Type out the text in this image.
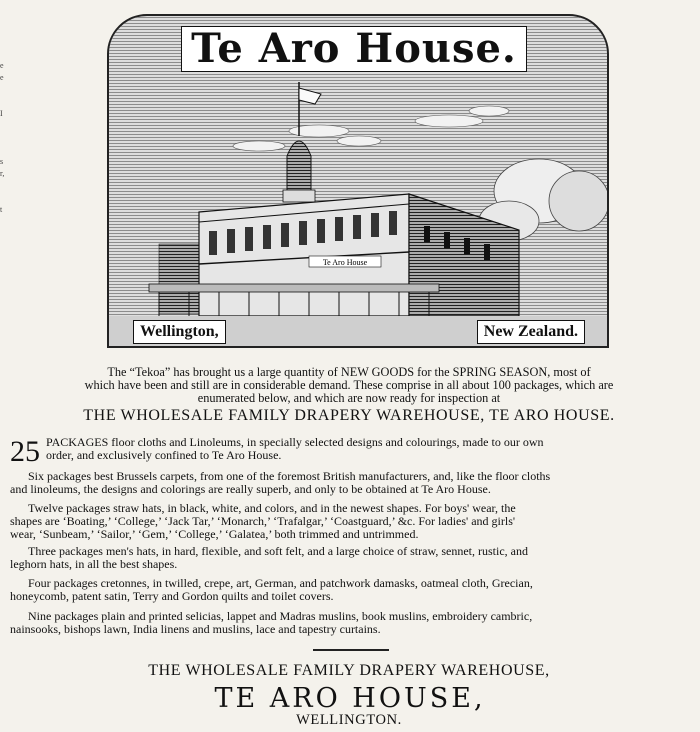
e
e
I
s
r,
t
Te Aro House
Te Aro House.
Wellington,	New Zealand.
The “Tekoa” has brought us a large quantity of NEW GOODS for the SPRING SEASON, most of
which have been and still are in considerable demand. These comprise in all about 100 packages, which are
enumerated below, and which are now ready for inspection at
THE WHOLESALE FAMILY DRAPERY WAREHOUSE, TE ARO HOUSE.
25 PACKAGES floor cloths and Linoleums, in specially selected designs and colourings, made to our own
order, and exclusively confined to Te Aro House.
Six packages best Brussels carpets, from one of the foremost British manufacturers, and, like the floor cloths
and linoleums, the designs and colorings are really superb, and only to be obtained at Te Aro House.
Twelve packages straw hats, in black, white, and colors, and in the newest shapes. For boys' wear, the
shapes are ‘Boating,’ ‘College,’ ‘Jack Tar,’ ‘Monarch,’ ‘Trafalgar,’ ‘Coastguard,’ &c. For ladies' and girls'
wear, ‘Sunbeam,’ ‘Sailor,’ ‘Gem,’ ‘College,’ ‘Galatea,’ both trimmed and untrimmed.
Three packages men's hats, in hard, flexible, and soft felt, and a large choice of straw, sennet, rustic, and
leghorn hats, in all the best shapes.
Four packages cretonnes, in twilled, crepe, art, German, and patchwork damasks, oatmeal cloth, Grecian,
honeycomb, patent satin, Terry and Gordon quilts and toilet covers.
Nine packages plain and printed selicias, lappet and Madras muslins, book muslins, embroidery cambric,
nainsooks, bishops lawn, India linens and muslins, lace and tapestry curtains.
THE WHOLESALE FAMILY DRAPERY WAREHOUSE,
TE ARO HOUSE,
WELLINGTON.
